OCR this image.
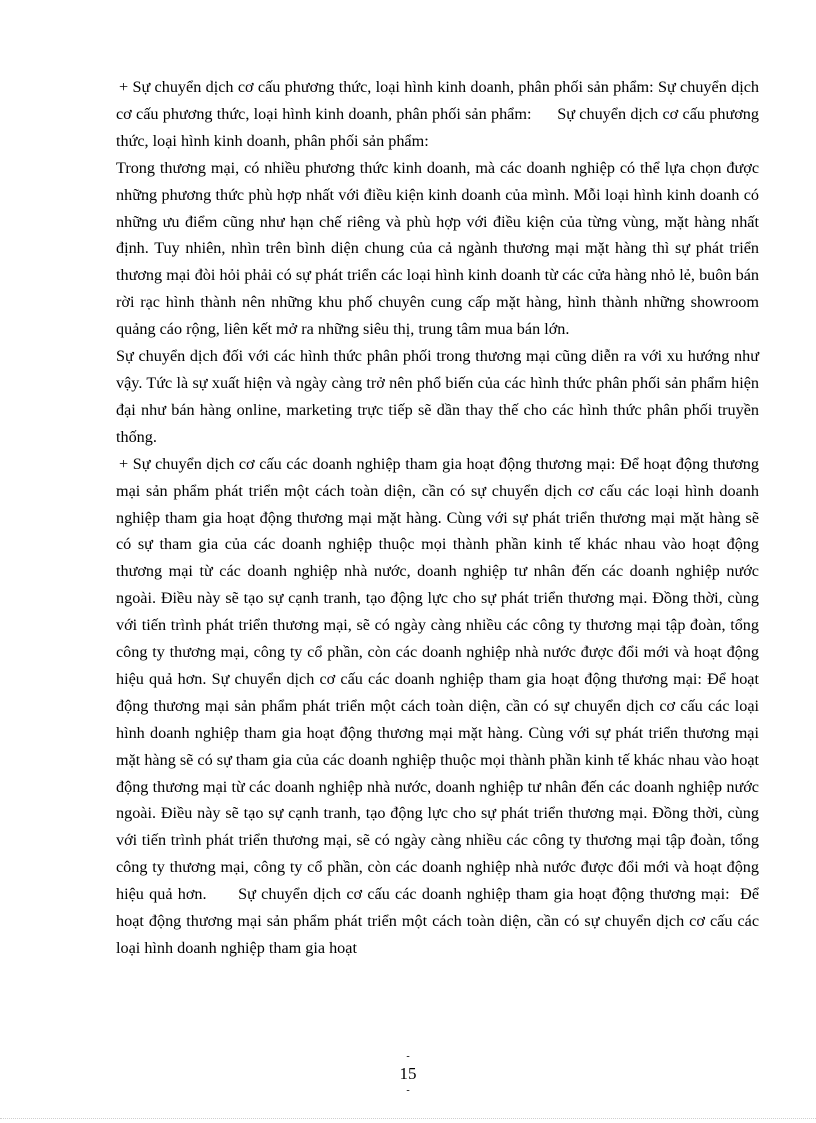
+ Sự chuyển dịch cơ cấu phương thức, loại hình kinh doanh, phân phối sản phẩm: Sự chuyển dịch cơ cấu phương thức, loại hình kinh doanh, phân phối sản phẩm:      Sự chuyển dịch cơ cấu phương thức, loại hình kinh doanh, phân phối sản phẩm:

Trong thương mại, có nhiều phương thức kinh doanh, mà các doanh nghiệp có thể lựa chọn được những phương thức phù hợp nhất với điều kiện kinh doanh của mình. Mỗi loại hình kinh doanh có những ưu điểm cũng như hạn chế riêng và phù hợp với điều kiện của từng vùng, mặt hàng nhất định. Tuy nhiên, nhìn trên bình diện chung của cả ngành thương mại mặt hàng thì sự phát triển thương mại đòi hỏi phải có sự phát triển các loại hình kinh doanh từ các cửa hàng nhỏ lẻ, buôn bán rời rạc hình thành nên những khu phố chuyên cung cấp mặt hàng, hình thành những showroom quảng cáo rộng, liên kết mở ra những siêu thị, trung tâm mua bán lớn.

Sự chuyển dịch đối với các hình thức phân phối trong thương mại cũng diễn ra với xu hướng như vậy. Tức là sự xuất hiện và ngày càng trở nên phổ biến của các hình thức phân phối sản phẩm hiện đại như bán hàng online, marketing trực tiếp sẽ dần thay thế cho các hình thức phân phối truyền thống.

+ Sự chuyển dịch cơ cấu các doanh nghiệp tham gia hoạt động thương mại: Để hoạt động thương mại sản phẩm phát triển một cách toàn diện, cần có sự chuyển dịch cơ cấu các loại hình doanh nghiệp tham gia hoạt động thương mại mặt hàng. Cùng với sự phát triển thương mại mặt hàng sẽ có sự tham gia của các doanh nghiệp thuộc mọi thành phần kinh tế khác nhau vào hoạt động thương mại từ các doanh nghiệp nhà nước, doanh nghiệp tư nhân đến các doanh nghiệp nước ngoài. Điều này sẽ tạo sự cạnh tranh, tạo động lực cho sự phát triển thương mại. Đồng thời, cùng với tiến trình phát triển thương mại, sẽ có ngày càng nhiều các công ty thương mại tập đoàn, tổng công ty thương mại, công ty cổ phần, còn các doanh nghiệp nhà nước được đổi mới và hoạt động hiệu quả hơn. Sự chuyển dịch cơ cấu các doanh nghiệp tham gia hoạt động thương mại: Để hoạt động thương mại sản phẩm phát triển một cách toàn diện, cần có sự chuyển dịch cơ cấu các loại hình doanh nghiệp tham gia hoạt động thương mại mặt hàng. Cùng với sự phát triển thương mại mặt hàng sẽ có sự tham gia của các doanh nghiệp thuộc mọi thành phần kinh tế khác nhau vào hoạt động thương mại từ các doanh nghiệp nhà nước, doanh nghiệp tư nhân đến các doanh nghiệp nước ngoài. Điều này sẽ tạo sự cạnh tranh, tạo động lực cho sự phát triển thương mại. Đồng thời, cùng với tiến trình phát triển thương mại, sẽ có ngày càng nhiều các công ty thương mại tập đoàn, tổng công ty thương mại, công ty cổ phần, còn các doanh nghiệp nhà nước được đổi mới và hoạt động hiệu quả hơn.      Sự chuyển dịch cơ cấu các doanh nghiệp tham gia hoạt động thương mại:  Để hoạt động thương mại sản phẩm phát triển một cách toàn diện, cần có sự chuyển dịch cơ cấu các loại hình doanh nghiệp tham gia hoạt

-
15
-
